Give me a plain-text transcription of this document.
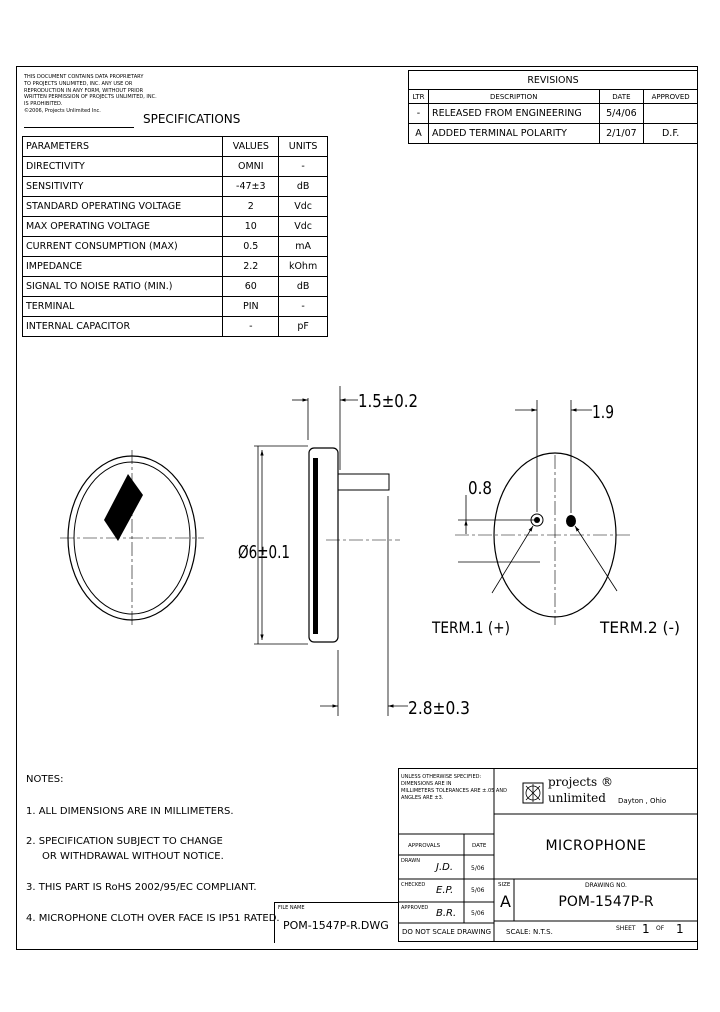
THIS DOCUMENT CONTAINS DATA PROPRIETARY
TO PROJECTS UNLIMITED, INC. ANY USE OR
REPRODUCTION IN ANY FORM, WITHOUT PRIOR
WRITTEN PERMISSION OF PROJECTS UNLIMITED, INC.
IS PROHIBITED.
©2006, Projects Unlimited Inc.
SPECIFICATIONS
PARAMETERS	VALUES	UNITS
DIRECTIVITY	OMNI	-
SENSITIVITY	-47±3	dB
STANDARD OPERATING VOLTAGE	2	Vdc
MAX OPERATING VOLTAGE	10	Vdc
CURRENT CONSUMPTION (MAX)	0.5	mA
IMPEDANCE	2.2	kOhm
SIGNAL TO NOISE RATIO (MIN.)	60	dB
TERMINAL	PIN	-
INTERNAL CAPACITOR	-	pF
REVISIONS			
LTR	DESCRIPTION	DATE	APPROVED
-	RELEASED FROM ENGINEERING	5/4/06	
A	ADDED TERMINAL POLARITY	2/1/07	D.F.
1.5±0.2
1.9
0.8
Ø6±0.1
2.8±0.3
TERM.1 (+)	TERM.2 (-)
NOTES:
1. ALL DIMENSIONS ARE IN MILLIMETERS.
2. SPECIFICATION SUBJECT TO CHANGE
OR WITHDRAWAL WITHOUT NOTICE.
3. THIS PART IS RoHS 2002/95/EC COMPLIANT.
4. MICROPHONE CLOTH OVER FACE IS IP51 RATED.
UNLESS OTHERWISE SPECIFIED:
DIMENSIONS ARE IN
MILLIMETERS TOLERANCES ARE ±.05 AND
ANGLES ARE ±3.
projects ®
unlimited Dayton , Ohio
APPROVALS	DATE
DRAWN
J.D.	5/06
CHECKED E.P.	5/06
APPROVED B.R. 5/06
MICROPHONE
SIZE
A
DRAWING NO.
POM-1547P-R
DO NOT SCALE DRAWING SCALE: N.T.S.	SHEET 1 OF 1
FILE NAME
POM-1547P-R.DWG
